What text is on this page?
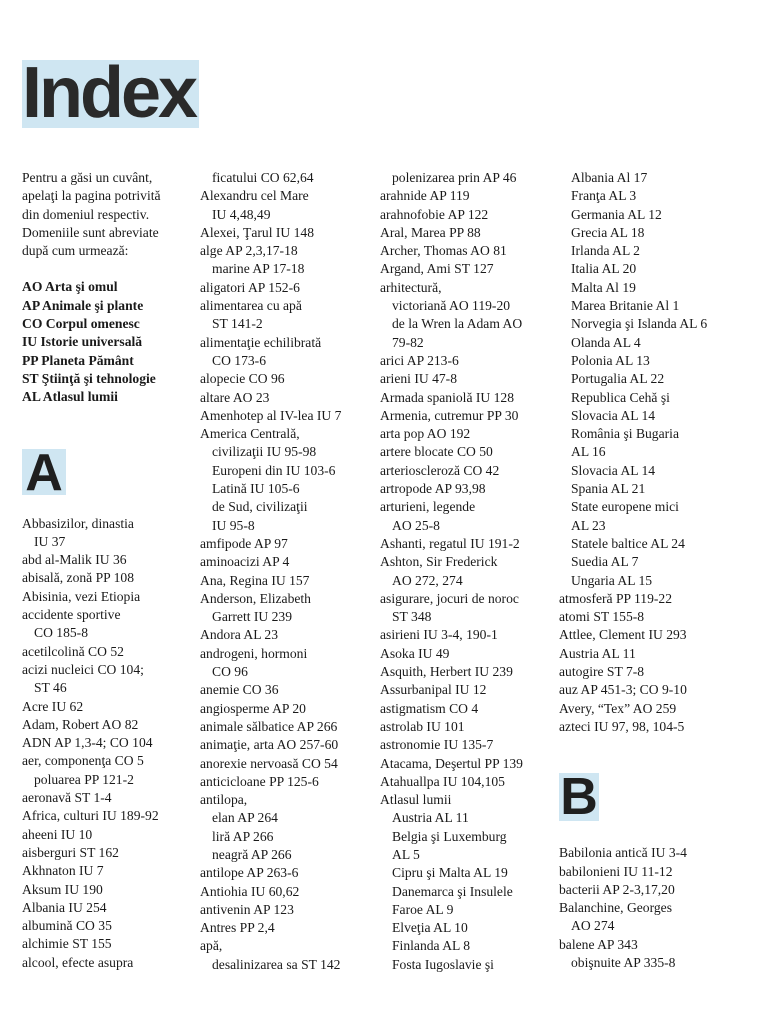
Index
Pentru a găsi un cuvânt,
apelaţi la pagina potrivită
din domeniul respectiv.
Domeniile sunt abreviate
după cum urmează:
AO Arta şi omul
AP Animale şi plante
CO Corpul omenesc
IU Istorie universală
PP Planeta Pământ
ST Ştiinţă şi tehnologie
AL Atlasul lumii
Abbasizilor, dinastia
IU 37
abd al-Malik IU 36
abisală, zonă PP 108
Abisinia, vezi Etiopia
accidente sportive
CO 185-8
acetilcolină CO 52
acizi nucleici CO 104;
ST 46
Acre IU 62
Adam, Robert AO 82
ADN AP 1,3-4; CO 104
aer, componenţa CO 5
poluarea PP 121-2
aeronavă ST 1-4
Africa, culturi IU 189-92
aheeni IU 10
aisberguri ST 162
Akhnaton IU 7
Aksum IU 190
Albania IU 254
albumină CO 35
alchimie ST 155
alcool, efecte asupra
ficatului CO 62,64
Alexandru cel Mare
IU 4,48,49
Alexei, Ţarul IU 148
alge AP 2,3,17-18
marine AP 17-18
aligatori AP 152-6
alimentarea cu apă
ST 141-2
alimentaţie echilibrată
CO 173-6
alopecie CO 96
altare AO 23
Amenhotep al IV-lea IU 7
America Centrală,
civilizaţii IU 95-98
Europeni din IU 103-6
Latină IU 105-6
de Sud, civilizaţii
IU 95-8
amfipode AP 97
aminoacizi AP 4
Ana, Regina IU 157
Anderson, Elizabeth
Garrett IU 239
Andora AL 23
androgeni, hormoni
CO 96
anemie CO 36
angiosperme AP 20
animale sălbatice AP 266
animaţie, arta AO 257-60
anorexie nervoasă CO 54
anticicloane PP 125-6
antilopa,
elan AP 264
liră AP 266
neagră AP 266
antilope AP 263-6
Antiohia IU 60,62
antivenin AP 123
Antres PP 2,4
apă,
desalinizarea sa ST 142
polenizarea prin AP 46
arahnide AP 119
arahnofobie AP 122
Aral, Marea PP 88
Archer, Thomas AO 81
Argand, Ami ST 127
arhitectură,
victoriană AO 119-20
de la Wren la Adam AO
79-82
arici AP 213-6
arieni IU 47-8
Armada spaniolă IU 128
Armenia, cutremur PP 30
arta pop AO 192
artere blocate CO 50
arterioscleroză CO 42
artropode AP 93,98
arturieni, legende
AO 25-8
Ashanti, regatul IU 191-2
Ashton, Sir Frederick
AO 272, 274
asigurare, jocuri de noroc
ST 348
asirieni IU 3-4, 190-1
Asoka IU 49
Asquith, Herbert IU 239
Assurbanipal IU 12
astigmatism CO 4
astrolab IU 101
astronomie IU 135-7
Atacama, Deşertul PP 139
Atahuallpa IU 104,105
Atlasul lumii
Austria AL 11
Belgia şi Luxemburg
AL 5
Cipru şi Malta AL 19
Danemarca şi Insulele
Faroe AL 9
Elveţia AL 10
Finlanda AL 8
Fosta Iugoslavie şi
Albania Al 17
Franţa AL 3
Germania AL 12
Grecia AL 18
Irlanda AL 2
Italia AL 20
Malta Al 19
Marea Britanie Al 1
Norvegia şi Islanda AL 6
Olanda AL 4
Polonia AL 13
Portugalia AL 22
Republica Cehă şi
Slovacia AL 14
România şi Bugaria
AL 16
Slovacia AL 14
Spania AL 21
State europene mici
AL 23
Statele baltice AL 24
Suedia AL 7
Ungaria AL 15
atmosferă PP 119-22
atomi ST 155-8
Attlee, Clement IU 293
Austria AL 11
autogire ST 7-8
auz AP 451-3; CO 9-10
Avery, “Tex” AO 259
azteci IU 97, 98, 104-5
Babilonia antică IU 3-4
babilonieni IU 11-12
bacterii AP 2-3,17,20
Balanchine, Georges
AO 274
balene AP 343
obişnuite AP 335-8
A
B
